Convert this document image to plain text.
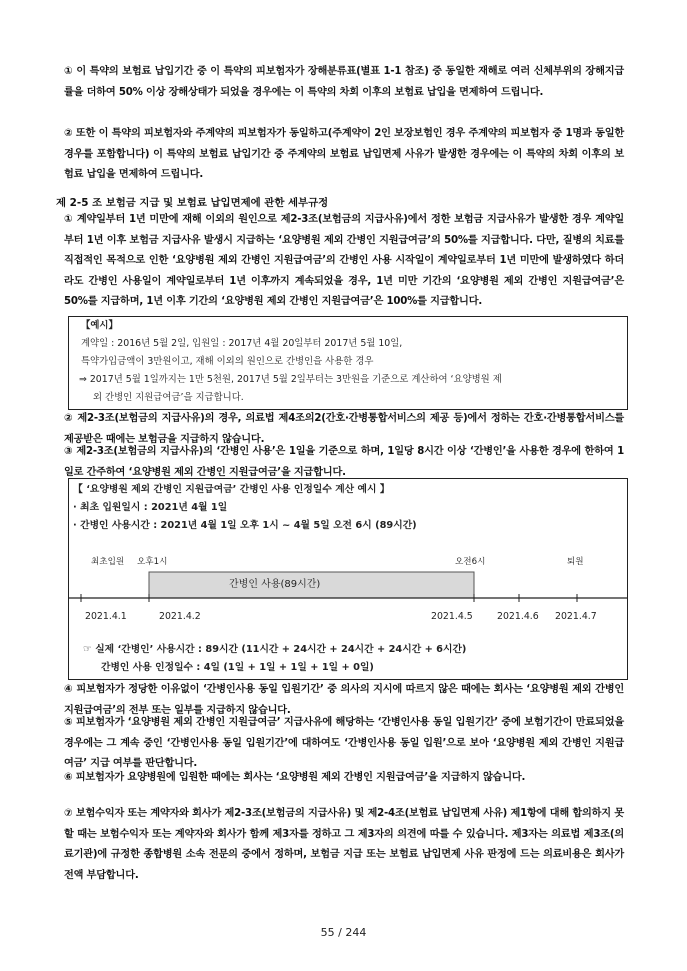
① 이 특약의 보험료 납입기간 중 이 특약의 피보험자가 장해분류표(별표 1-1 참조) 중 동일한 재해로 여러 신체부위의 장해지급률을 더하여 50% 이상 장해상태가 되었을 경우에는 이 특약의 차회 이후의 보험료 납입을 면제하여 드립니다.
② 또한 이 특약의 피보험자와 주계약의 피보험자가 동일하고(주계약이 2인 보장보험인 경우 주계약의 피보험자 중 1명과 동일한 경우를 포함합니다) 이 특약의 보험료 납입기간 중 주계약의 보험료 납입면제 사유가 발생한 경우에는 이 특약의 차회 이후의 보험료 납입을 면제하여 드립니다.
제 2-5 조 보험금 지급 및 보험료 납입면제에 관한 세부규정
① 계약일부터 1년 미만에 재해 이외의 원인으로 제2-3조(보험금의 지급사유)에서 정한 보험금 지급사유가 발생한 경우 계약일부터 1년 이후 보험금 지급사유 발생시 지급하는 ‘요양병원 제외 간병인 지원급여금’의 50%를 지급합니다. 다만, 질병의 치료를 직접적인 목적으로 인한 ‘요양병원 제외 간병인 지원급여금’의 간병인 사용 시작일이 계약일로부터 1년 미만에 발생하였다 하더라도 간병인 사용일이 계약일로부터 1년 이후까지 계속되었을 경우, 1년 미만 기간의 ‘요양병원 제외 간병인 지원급여금’은 50%를 지급하며, 1년 이후 기간의 ‘요양병원 제외 간병인 지원급여금’은 100%를 지급합니다.
【예시】
계약일 : 2016년 5월 2일, 입원일 : 2017년 4월 20일부터 2017년 5월 10일,
특약가입금액이 3만원이고, 재해 이외의 원인으로 간병인을 사용한 경우
⇒ 2017년 5월 1일까지는 1만 5천원, 2017년 5월 2일부터는 3만원을 기준으로 계산하여 ‘요양병원 제
외 간병인 지원급여금’을 지급합니다.
② 제2-3조(보험금의 지급사유)의 경우, 의료법 제4조의2(간호·간병통합서비스의 제공 등)에서 정하는 간호·간병통합서비스를 제공받은 때에는 보험금을 지급하지 않습니다.
③ 제2-3조(보험금의 지급사유)의 ‘간병인 사용’은 1일을 기준으로 하며, 1일당 8시간 이상 ‘간병인’을 사용한 경우에 한하여 1일로 간주하여 ‘요양병원 제외 간병인 지원급여금’을 지급합니다.
【 ‘요양병원 제외 간병인 지원급여금’ 간병인 사용 인정일수 계산 예시 】
· 최초 입원일시 : 2021년 4월 1일
· 간병인 사용시간 : 2021년 4월 1일 오후 1시 ~ 4월 5일 오전 6시 (89시간)
최초입원 오후1시	오전6시	퇴원
간병인 사용(89시간)
2021.4.1	2021.4.2	2021.4.5	2021.4.6 2021.4.7
☞ 실제 ‘간병인’ 사용시간 : 89시간 (11시간 + 24시간 + 24시간 + 24시간 + 6시간)
간병인 사용 인정일수 : 4일 (1일 + 1일 + 1일 + 1일 + 0일)
④ 피보험자가 정당한 이유없이 ‘간병인사용 동일 입원기간’ 중 의사의 지시에 따르지 않은 때에는 회사는 ‘요양병원 제외 간병인 지원급여금’의 전부 또는 일부를 지급하지 않습니다.
⑤ 피보험자가 ‘요양병원 제외 간병인 지원급여금’ 지급사유에 해당하는 ‘간병인사용 동일 입원기간’ 중에 보험기간이 만료되었을 경우에는 그 계속 중인 ‘간병인사용 동일 입원기간’에 대하여도 ‘간병인사용 동일 입원’으로 보아 ‘요양병원 제외 간병인 지원급여금’ 지급 여부를 판단합니다.
⑥ 피보험자가 요양병원에 입원한 때에는 회사는 ‘요양병원 제외 간병인 지원급여금’을 지급하지 않습니다.
⑦ 보험수익자 또는 계약자와 회사가 제2-3조(보험금의 지급사유) 및 제2-4조(보험료 납입면제 사유) 제1항에 대해 합의하지 못할 때는 보험수익자 또는 계약자와 회사가 함께 제3자를 정하고 그 제3자의 의견에 따를 수 있습니다. 제3자는 의료법 제3조(의료기관)에 규정한 종합병원 소속 전문의 중에서 정하며, 보험금 지급 또는 보험료 납입면제 사유 판정에 드는 의료비용은 회사가 전액 부담합니다.
55 / 244
